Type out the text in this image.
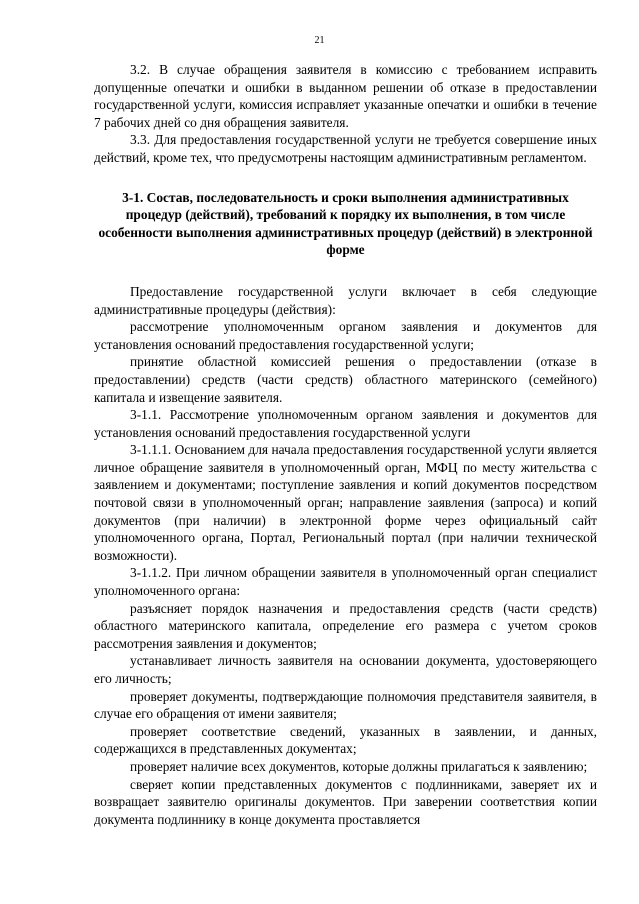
21

3.2. В случае обращения заявителя в комиссию с требованием исправить допущенные опечатки и ошибки в выданном решении об отказе в предоставлении государственной услуги, комиссия исправляет указанные опечатки и ошибки в течение 7 рабочих дней со дня обращения заявителя.

3.3. Для предоставления государственной услуги не требуется совершение иных действий, кроме тех, что предусмотрены настоящим административным регламентом.

3-1. Состав, последовательность и сроки выполнения административных процедур (действий), требований к порядку их выполнения, в том числе особенности выполнения административных процедур (действий) в электронной форме

Предоставление государственной услуги включает в себя следующие административные процедуры (действия):

рассмотрение уполномоченным органом заявления и документов для установления оснований предоставления государственной услуги;

принятие областной комиссией решения о предоставлении (отказе в предоставлении) средств (части средств) областного материнского (семейного) капитала и извещение заявителя.

3-1.1. Рассмотрение уполномоченным органом заявления и документов для установления оснований предоставления государственной услуги

3-1.1.1. Основанием для начала предоставления государственной услуги является личное обращение заявителя в уполномоченный орган, МФЦ по месту жительства с заявлением и документами; поступление заявления и копий документов посредством почтовой связи в уполномоченный орган; направление заявления (запроса) и копий документов (при наличии) в электронной форме через официальный сайт уполномоченного органа, Портал, Региональный портал (при наличии технической возможности).

3-1.1.2. При личном обращении заявителя в уполномоченный орган специалист уполномоченного органа:

разъясняет порядок назначения и предоставления средств (части средств) областного материнского капитала, определение его размера с учетом сроков рассмотрения заявления и документов;

устанавливает личность заявителя на основании документа, удостоверяющего его личность;

проверяет документы, подтверждающие полномочия представителя заявителя, в случае его обращения от имени заявителя;

проверяет соответствие сведений, указанных в заявлении, и данных, содержащихся в представленных документах;

проверяет наличие всех документов, которые должны прилагаться к заявлению;

сверяет копии представленных документов с подлинниками, заверяет их и возвращает заявителю оригиналы документов. При заверении соответствия копии документа подлиннику в конце документа проставляется
